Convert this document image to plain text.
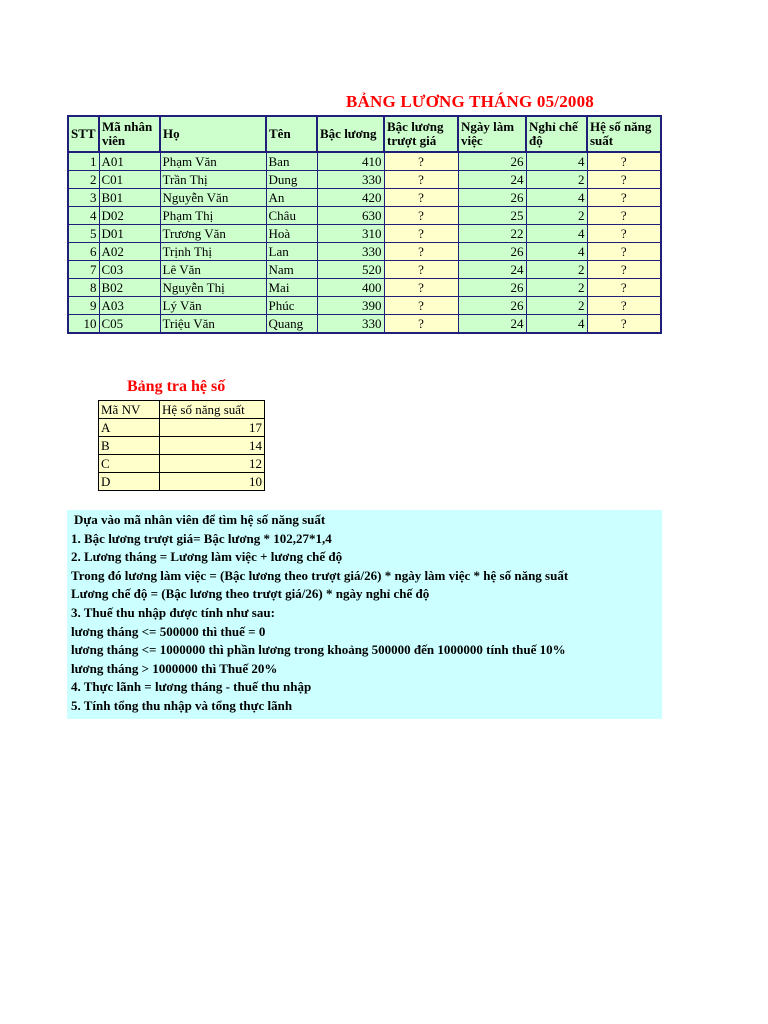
BẢNG LƯƠNG THÁNG 05/2008
STT	Mã nhân viên	Họ	Tên	Bậc lương	Bậc lương trượt giá	Ngày làm việc	Nghỉ chế độ	Hệ số năng suất
1	A01	Phạm Văn	Ban	410	?	26	4	?
2	C01	Trần Thị	Dung	330	?	24	2	?
3	B01	Nguyễn Văn	An	420	?	26	4	?
4	D02	Phạm Thị	Châu	630	?	25	2	?
5	D01	Trương Văn	Hoà	310	?	22	4	?
6	A02	Trịnh Thị	Lan	330	?	26	4	?
7	C03	Lê Văn	Nam	520	?	24	2	?
8	B02	Nguyễn Thị	Mai	400	?	26	2	?
9	A03	Lý Văn	Phúc	390	?	26	2	?
10	C05	Triệu Văn	Quang	330	?	24	4	?
Bảng tra hệ số
Mã NV	Hệ số năng suất
A	17
B	14
C	12
D	10
Dựa vào mã nhân viên để tìm hệ số năng suất
1. Bậc lương trượt giá= Bậc lương * 102,27*1,4
2. Lương tháng = Lương làm việc + lương chế độ
Trong đó lương làm việc = (Bậc lương theo trượt giá/26) * ngày làm việc * hệ số năng suất
Lương chế độ = (Bậc lương theo trượt giá/26) * ngày nghỉ chế độ
3. Thuế thu nhập được tính như sau:
lương tháng <= 500000 thì thuế = 0
lương tháng <= 1000000 thì phần lương trong khoảng 500000 đến 1000000 tính thuế 10%
lương tháng > 1000000 thì Thuế 20%
4. Thực lãnh = lương tháng - thuế thu nhập
5. Tính tổng thu nhập và tổng thực lãnh
